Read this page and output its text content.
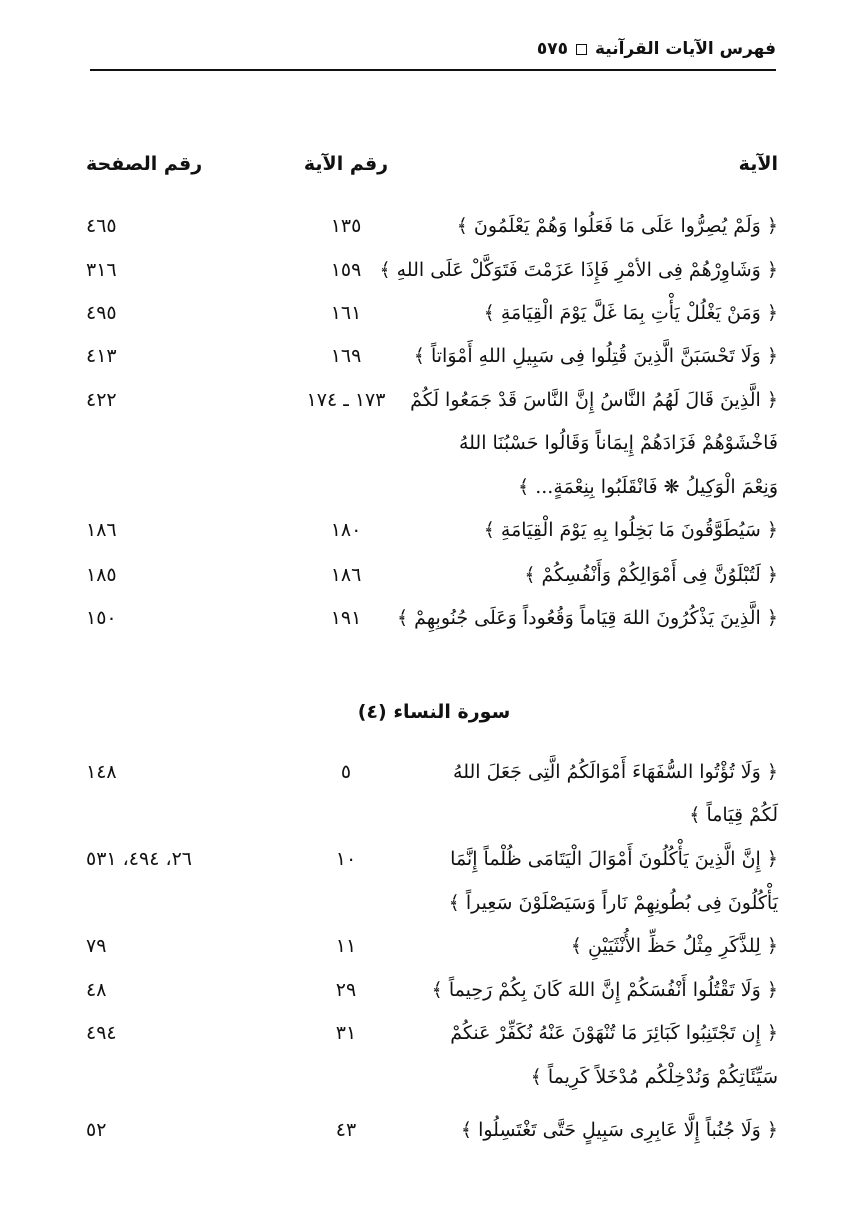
فهرس الآيات القرآنية
٥٧٥
الآية
رقم الآية
رقم الصفحة
﴿ وَلَمْ يُصِرُّوا عَلَى مَا فَعَلُوا وَهُمْ يَعْلَمُونَ ﴾
١٣٥
٤٦٥
﴿ وَشَاوِرْهُمْ فِى الأمْرِ فَإِذَا عَزَمْتَ فَتَوَكَّلْ عَلَى اللهِ ﴾
١٥٩
٣١٦
﴿ وَمَنْ يَغْلُلْ يَأْتِ بِمَا غَلَّ يَوْمَ الْقِيَامَةِ ﴾
١٦١
٤٩٥
﴿ وَلَا تَحْسَبَنَّ الَّذِينَ قُتِلُوا فِى سَبِيلِ اللهِ أَمْوَاتاً ﴾
١٦٩
٤١٣
﴿ الَّذِينَ قَالَ لَهُمُ النَّاسُ إِنَّ النَّاسَ قَدْ جَمَعُوا لَكُمْ
١٧٣ ـ ١٧٤
٤٢٢
فَاخْشَوْهُمْ فَزَادَهُمْ إِيمَاناً وَقَالُوا حَسْبُنَا اللهُ
وَنِعْمَ الْوَكِيلُ ❋ فَانْقَلَبُوا بِنِعْمَةٍ... ﴾
﴿ سَيُطَوَّقُونَ مَا بَخِلُوا بِهِ يَوْمَ الْقِيَامَةِ ﴾
١٨٠
١٨٦
﴿ لَتُبْلَوُنَّ فِى أَمْوَالِكُمْ وَأَنْفُسِكُمْ ﴾
١٨٦
١٨٥
﴿ الَّذِينَ يَذْكُرُونَ اللهَ قِيَاماً وَقُعُوداً وَعَلَى جُنُوبِهِمْ ﴾
١٩١
١٥٠
سورة النساء (٤)
﴿ وَلَا تُؤْتُوا السُّفَهَاءَ أَمْوَالَكُمُ الَّتِى جَعَلَ اللهُ
٥
١٤٨
لَكُمْ قِيَاماً ﴾
﴿ إِنَّ الَّذِينَ يَأْكُلُونَ أَمْوَالَ الْيَتَامَى ظُلْماً إِنَّمَا
١٠
٢٦، ٤٩٤، ٥٣١
يَأْكُلُونَ فِى بُطُونِهِمْ نَاراً وَسَيَصْلَوْنَ سَعِيراً ﴾
﴿ لِلذَّكَرِ مِثْلُ حَظِّ الأُنْثَيَيْنِ ﴾
١١
٧٩
﴿ وَلَا تَقْتُلُوا أَنْفُسَكُمْ إِنَّ اللهَ كَانَ بِكُمْ رَحِيماً ﴾
٢٩
٤٨
﴿ إِن تَجْتَنِبُوا كَبَائِرَ مَا تُنْهَوْنَ عَنْهُ نُكَفِّرْ عَنكُمْ
٣١
٤٩٤
سَيِّئَاتِكُمْ وَنُدْخِلْكُم مُدْخَلاً كَرِيماً ﴾
﴿ وَلَا جُنُباً إِلَّا عَابِرِى سَبِيلٍ حَتَّى تَغْتَسِلُوا ﴾
٤٣
٥٢
